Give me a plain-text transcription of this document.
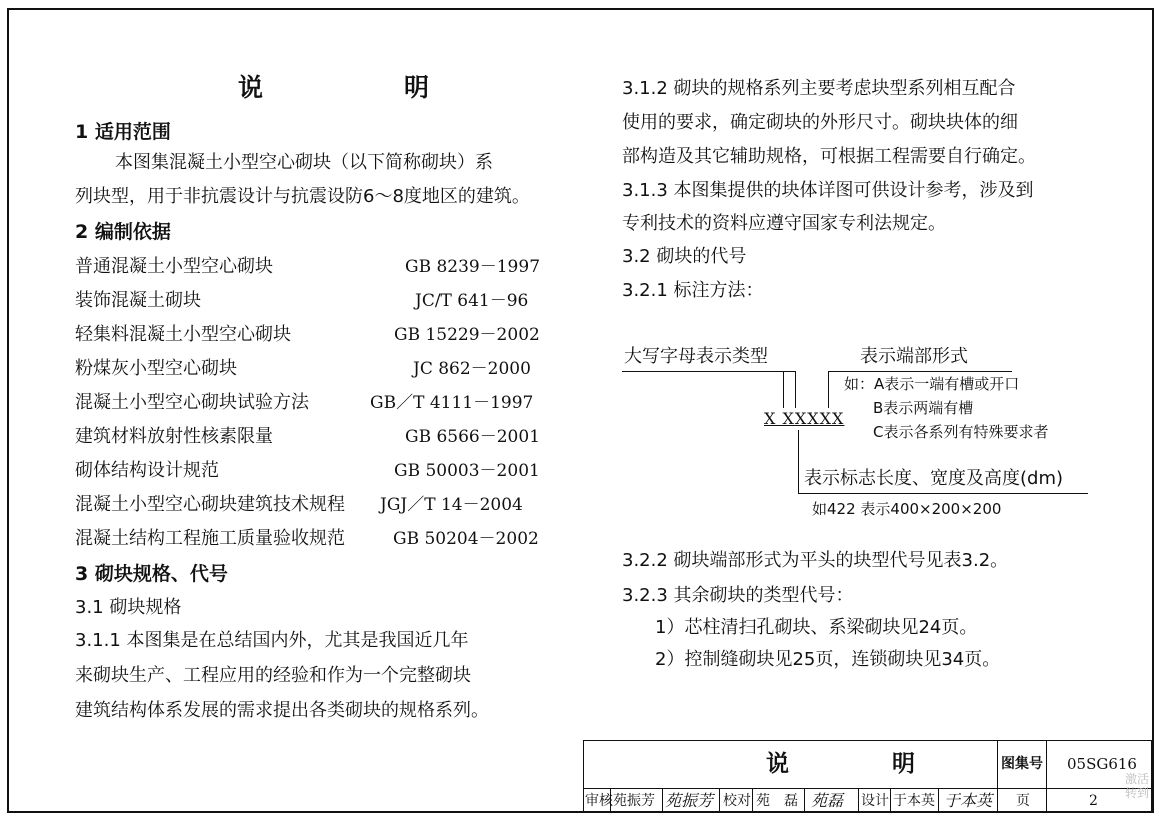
说　明
1 适用范围
本图集混凝土小型空心砌块（以下简称砌块）系
列块型，用于非抗震设计与抗震设防6～8度地区的建筑。
2 编制依据
普通混凝土小型空心砌块	GB 8239－1997
装饰混凝土砌块	JC/T 641－96
轻集料混凝土小型空心砌块	GB 15229－2002
粉煤灰小型空心砌块	JC 862－2000
混凝土小型空心砌块试验方法	GB／T 4111－1997
建筑材料放射性核素限量	GB 6566－2001
砌体结构设计规范	GB 50003－2001
混凝土小型空心砌块建筑技术规程 JGJ／T 14－2004
混凝土结构工程施工质量验收规范	GB 50204－2002
3 砌块规格、代号
3.1 砌块规格
3.1.1 本图集是在总结国内外，尤其是我国近几年
来砌块生产、工程应用的经验和作为一个完整砌块
建筑结构体系发展的需求提出各类砌块的规格系列。
3.1.2 砌块的规格系列主要考虑块型系列相互配合
使用的要求，确定砌块的外形尺寸。砌块块体的细
部构造及其它辅助规格，可根据工程需要自行确定。
3.1.3 本图集提供的块体详图可供设计参考，涉及到
专利技术的资料应遵守国家专利法规定。
3.2 砌块的代号
3.2.1 标注方法：
大写字母表示类型	表示端部形式
如：A表示一端有槽或开口
B表示两端有槽
C表示各系列有特殊要求者
X XXXXX
表示标志长度、宽度及高度(dm)
如422 表示400×200×200
3.2.2 砌块端部形式为平头的块型代号见表3.2。
3.2.3 其余砌块的类型代号：
1）芯柱清扫孔砌块、系梁砌块见24页。
2）控制缝砌块见25页，连锁砌块见34页。
说　明	图集号 05SG616
审核 苑振芳 苑振芳 校对 苑　磊 苑磊 设计 于本英 于本英 页	2
激活 转到
